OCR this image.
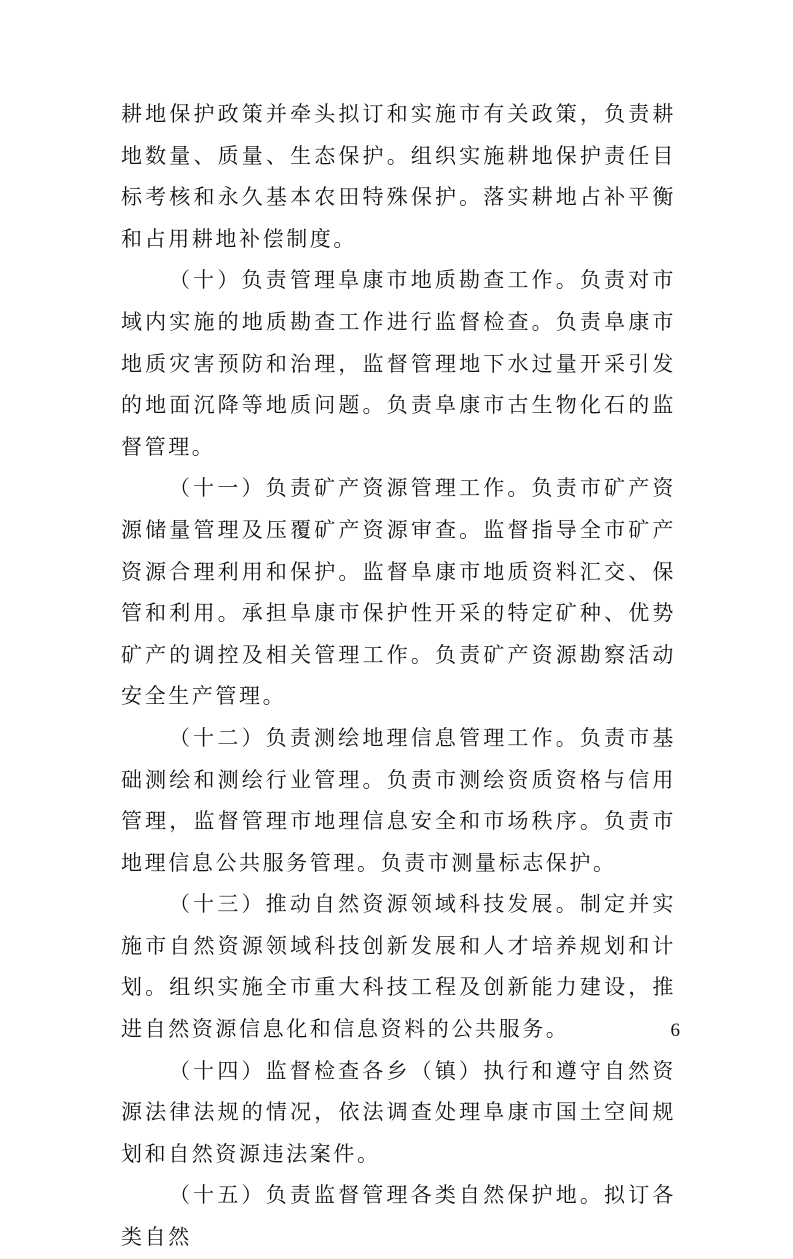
耕地保护政策并牵头拟订和实施市有关政策，负责耕地数量、质量、生态保护。组织实施耕地保护责任目标考核和永久基本农田特殊保护。落实耕地占补平衡和占用耕地补偿制度。

（十）负责管理阜康市地质勘查工作。负责对市域内实施的地质勘查工作进行监督检查。负责阜康市地质灾害预防和治理，监督管理地下水过量开采引发的地面沉降等地质问题。负责阜康市古生物化石的监督管理。

（十一）负责矿产资源管理工作。负责市矿产资源储量管理及压覆矿产资源审查。监督指导全市矿产资源合理利用和保护。监督阜康市地质资料汇交、保管和利用。承担阜康市保护性开采的特定矿种、优势矿产的调控及相关管理工作。负责矿产资源勘察活动安全生产管理。

（十二）负责测绘地理信息管理工作。负责市基础测绘和测绘行业管理。负责市测绘资质资格与信用管理，监督管理市地理信息安全和市场秩序。负责市地理信息公共服务管理。负责市测量标志保护。

（十三）推动自然资源领域科技发展。制定并实施市自然资源领域科技创新发展和人才培养规划和计划。组织实施全市重大科技工程及创新能力建设，推进自然资源信息化和信息资料的公共服务。

（十四）监督检查各乡（镇）执行和遵守自然资源法律法规的情况，依法调查处理阜康市国土空间规划和自然资源违法案件。

（十五）负责监督管理各类自然保护地。拟订各类自然

6
